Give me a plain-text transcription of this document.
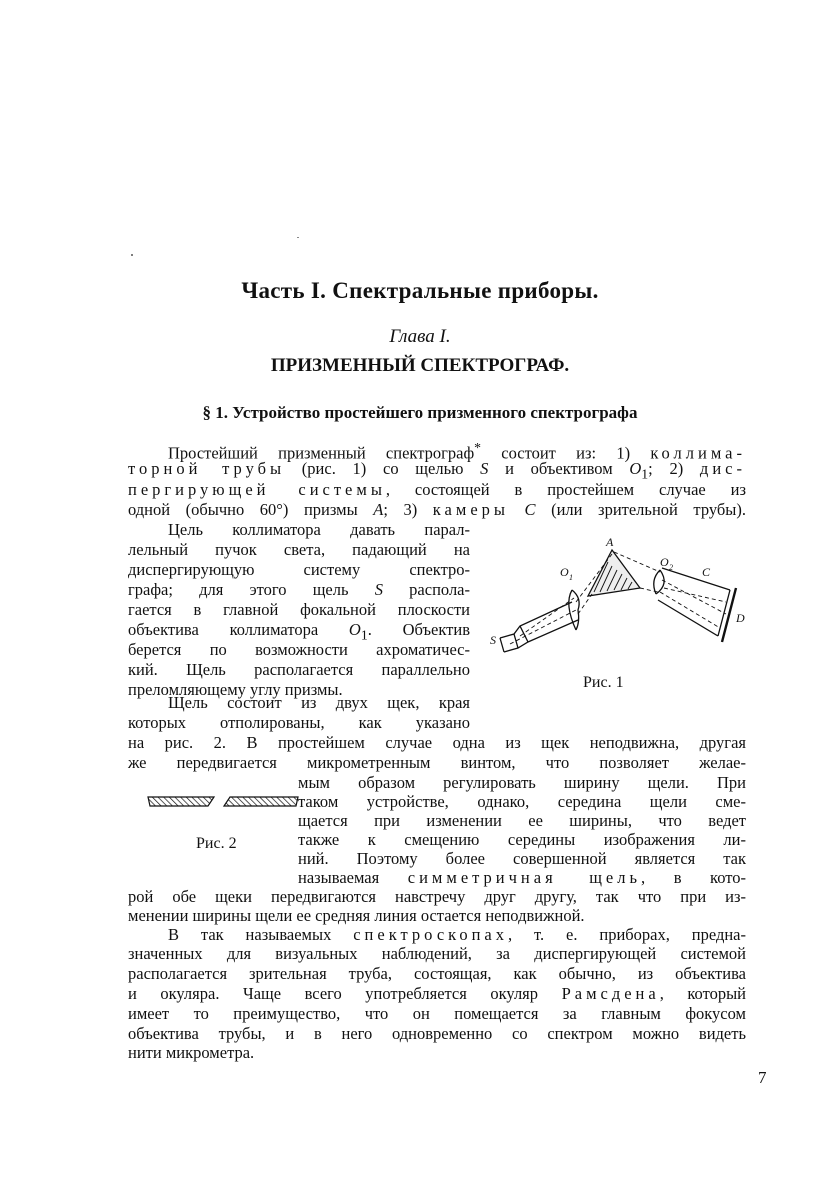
Часть I. Спектральные приборы.
Глава I.
ПРИЗМЕННЫЙ СПЕКТРОГРАФ.
§ 1. Устройство простейшего призменного спектрографа
Простейший призменный спектрограф* состоит из: 1) коллима-
торной трубы (рис. 1) со щелью S и объективом $O_1$; 2) дис-
пергирующей системы, состоящей в простейшем случае из
одной (обычно 60°) призмы A; 3) камеры C (или зрительной трубы).
Цель коллиматора давать парал-
лельный пучок света, падающий на
диспергирующую систему спектро-
графа; для этого щель S распола-
гается в главной фокальной плоскости
объектива коллиматора $O_1$. Объектив
берется по возможности ахроматичес-
кий. Щель располагается параллельно
преломляющему углу призмы.
S
O 1
A
O 2 C
D
Рис. 1
Щель состоит из двух щек, края
которых отполированы, как указано
на рис. 2. В простейшем случае одна из щек неподвижна, другая
же передвигается микрометренным винтом, что позволяет желае-
мым образом регулировать ширину щели. При
таком устройстве, однако, середина щели сме-
щается при изменении ее ширины, что ведет
также к смещению середины изображения ли-
ний. Поэтому более совершенной является так
называемая симметричная щель, в кото-
рой обе щеки передвигаются навстречу друг другу, так что при из-
менении ширины щели ее средняя линия остается неподвижной.
Рис. 2
В так называемых спектроскопах, т. е. приборах, предна-
значенных для визуальных наблюдений, за диспергирующей системой
располагается зрительная труба, состоящая, как обычно, из объектива
и окуляра. Чаще всего употребляется окуляр Рамсдена, который
имеет то преимущество, что он помещается за главным фокусом
объектива трубы, и в него одновременно со спектром можно видеть
нити микрометра.
7
